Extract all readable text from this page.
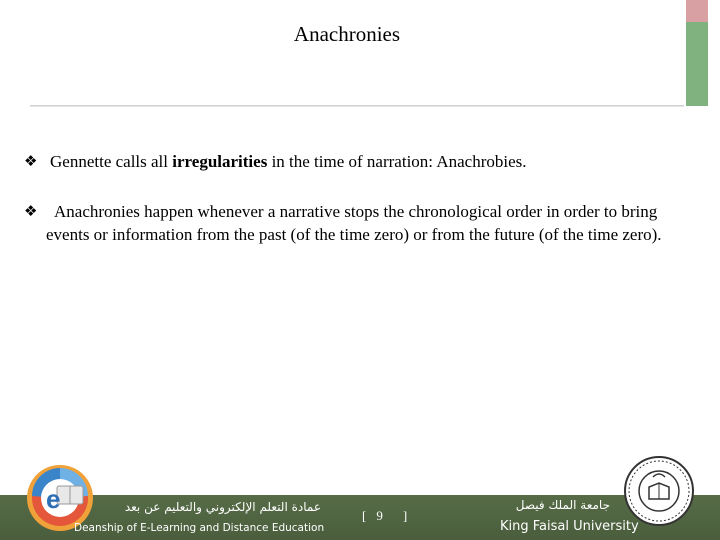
Anachronies
❖ Gennette calls all irregularities in the time of narration: Anachrobies.
❖ Anachronies happen whenever a narrative stops the chronological order in order to bring events or information from the past (of the time zero) or from the future (of the time zero).
e	عمادة التعلم الإلكتروني والتعليم عن بعد
Deanship of E-Learning and Distance Education
[ 9 ]
جامعة الملك فيصل
King Faisal University
